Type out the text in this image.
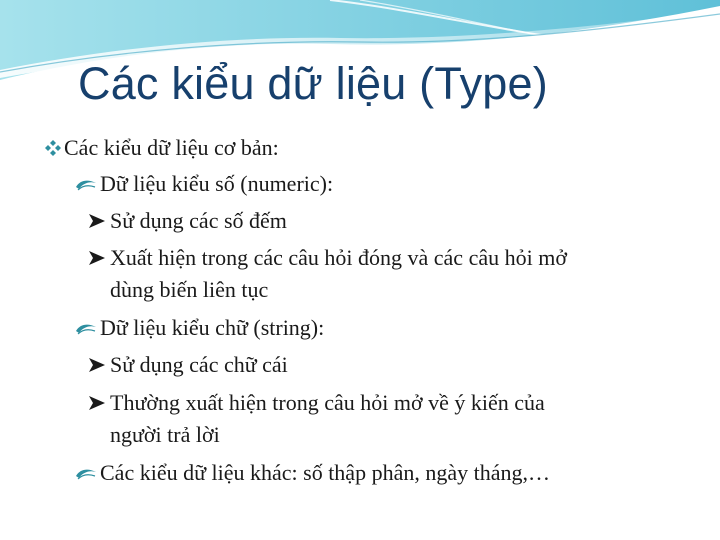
Các kiểu dữ liệu (Type)
Các kiểu dữ liệu cơ bản:
Dữ liệu kiểu số (numeric):
Sử dụng các số đếm
Xuất hiện trong các câu hỏi đóng và các câu hỏi mở
dùng biến liên tục
Dữ liệu kiểu chữ (string):
Sử dụng các chữ cái
Thường xuất hiện trong câu hỏi mở về ý kiến của
người trả lời
Các kiểu dữ liệu khác: số thập phân, ngày tháng,…
